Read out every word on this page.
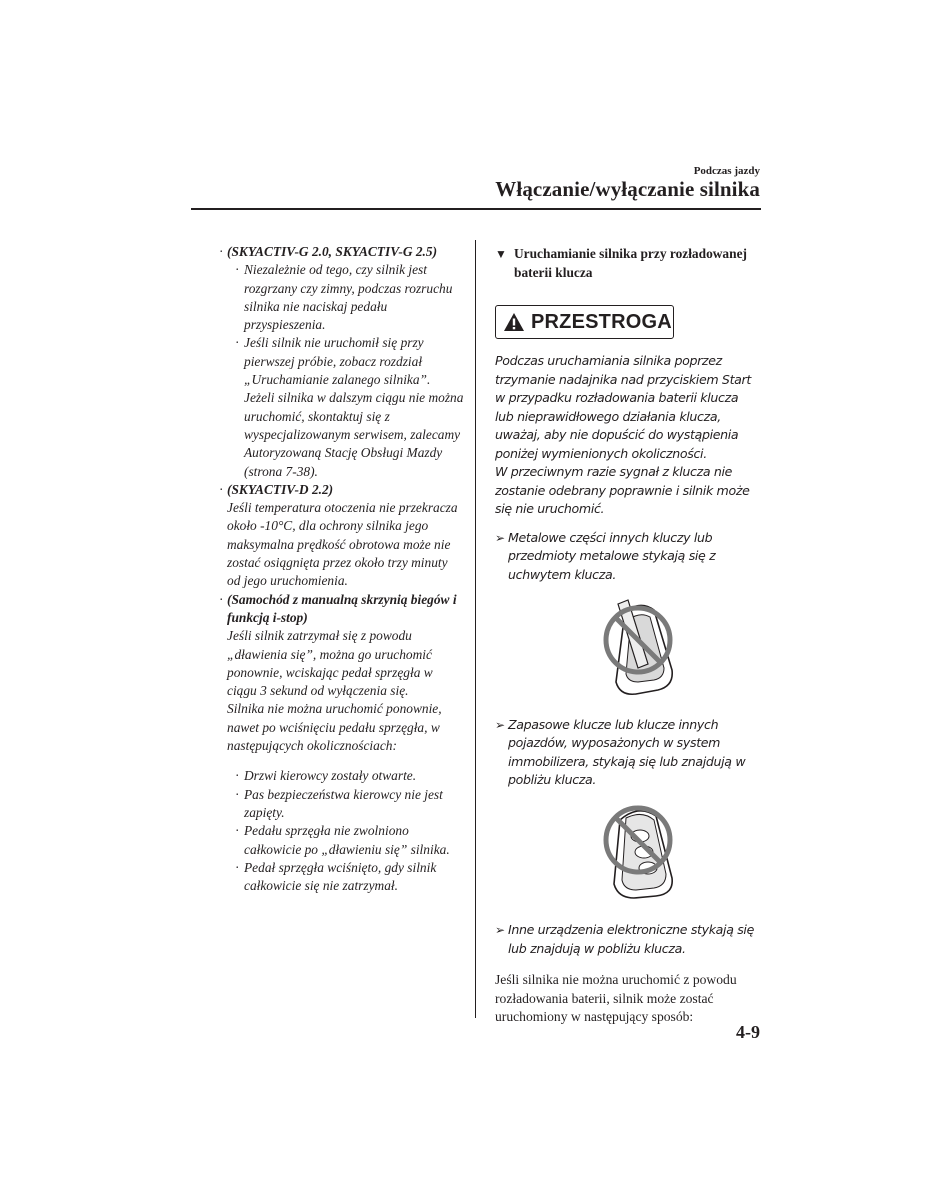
Podczas jazdy
Włączanie/wyłączanie silnika
· (SKYACTIV-G 2.0, SKYACTIV-G 2.5)
· Niezależnie od tego, czy silnik jest rozgrzany czy zimny, podczas rozruchu silnika nie naciskaj pedału przyspieszenia.
· Jeśli silnik nie uruchomił się przy pierwszej próbie, zobacz rozdział „Uruchamianie zalanego silnika”. Jeżeli silnika w dalszym ciągu nie można uruchomić, skontaktuj się z wyspecjalizowanym serwisem, zalecamy Autoryzowaną Stację Obsługi Mazdy (strona 7-38).
· (SKYACTIV-D 2.2)
Jeśli temperatura otoczenia nie przekracza około -10°C, dla ochrony silnika jego maksymalna prędkość obrotowa może nie zostać osiągnięta przez około trzy minuty od jego uruchomienia.
· (Samochód z manualną skrzynią biegów i funkcją i-stop)
Jeśli silnik zatrzymał się z powodu „dławienia się”, można go uruchomić ponownie, wciskając pedał sprzęgła w ciągu 3 sekund od wyłączenia się.
Silnika nie można uruchomić ponownie, nawet po wciśnięciu pedału sprzęgła, w następujących okolicznościach:
· Drzwi kierowcy zostały otwarte.
· Pas bezpieczeństwa kierowcy nie jest zapięty.
· Pedału sprzęgła nie zwolniono całkowicie po „dławieniu się” silnika.
· Pedał sprzęgła wciśnięto, gdy silnik całkowicie się nie zatrzymał.
▼ Uruchamianie silnika przy rozładowanej baterii klucza
PRZESTROGA

Podczas uruchamiania silnika poprzez trzymanie nadajnika nad przyciskiem Start w przypadku rozładowania baterii klucza lub nieprawidłowego działania klucza, uważaj, aby nie dopuścić do wystąpienia poniżej wymienionych okoliczności.

W przeciwnym razie sygnał z klucza nie zostanie odebrany poprawnie i silnik może się nie uruchomić.

➢ Metalowe części innych kluczy lub przedmioty metalowe stykają się z uchwytem klucza.
➢ Zapasowe klucze lub klucze innych pojazdów, wyposażonych w system immobilizera, stykają się lub znajdują w pobliżu klucza.
➢ Inne urządzenia elektroniczne stykają się lub znajdują w pobliżu klucza.
Jeśli silnika nie można uruchomić z powodu rozładowania baterii, silnik może zostać uruchomiony w następujący sposób:
4-9
